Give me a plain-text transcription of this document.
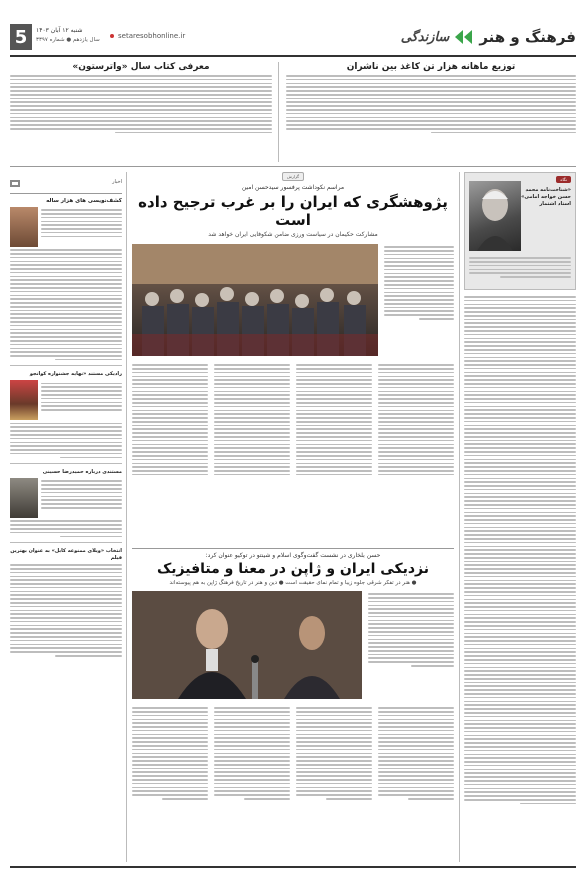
فرهنگ و هنر
سازندگی
5	شنبه ۱۲ آبان ۱۴۰۳
سال یازدهم ● شماره ۳۳۹۷	setaresobhonline.ir
معرفی کتاب سال «واترستون»	توزیع ماهانه هزار تن کاغذ بین ناشران
نگاه
«شناخت‌نامه محمد حسن خواجه امامی» استاد اشتمار
اخبار
کشف‌نویسی های هزار ساله
رادیکی مستند «نهایه جشنواره کوانجو
مستندی درباره حمیدرضا حسینی
انتخاب «ویلای ممنوعه کابل» به عنوان بهترین فیلم
گزارش
مراسم نکوداشت پرفسور سیدحسن امین
پژوهشگری که ایران را بر غرب ترجیح داده است
مشارکت حکیمان در سیاست ورزی ضامن شکوفایی ایران خواهد شد
حسن بلخاری در نشست گفت‌وگوی اسلام و شینتو در توکیو عنوان کرد:
نزدیکی ایران و ژاپن در معنا و متافیزیک
● هنر در تفکر شرقی جلوه زیبا و تمام نمای حقیقت است ● دین و هنر در تاریخ فرهنگ ژاپن به هم پیوسته‌اند
